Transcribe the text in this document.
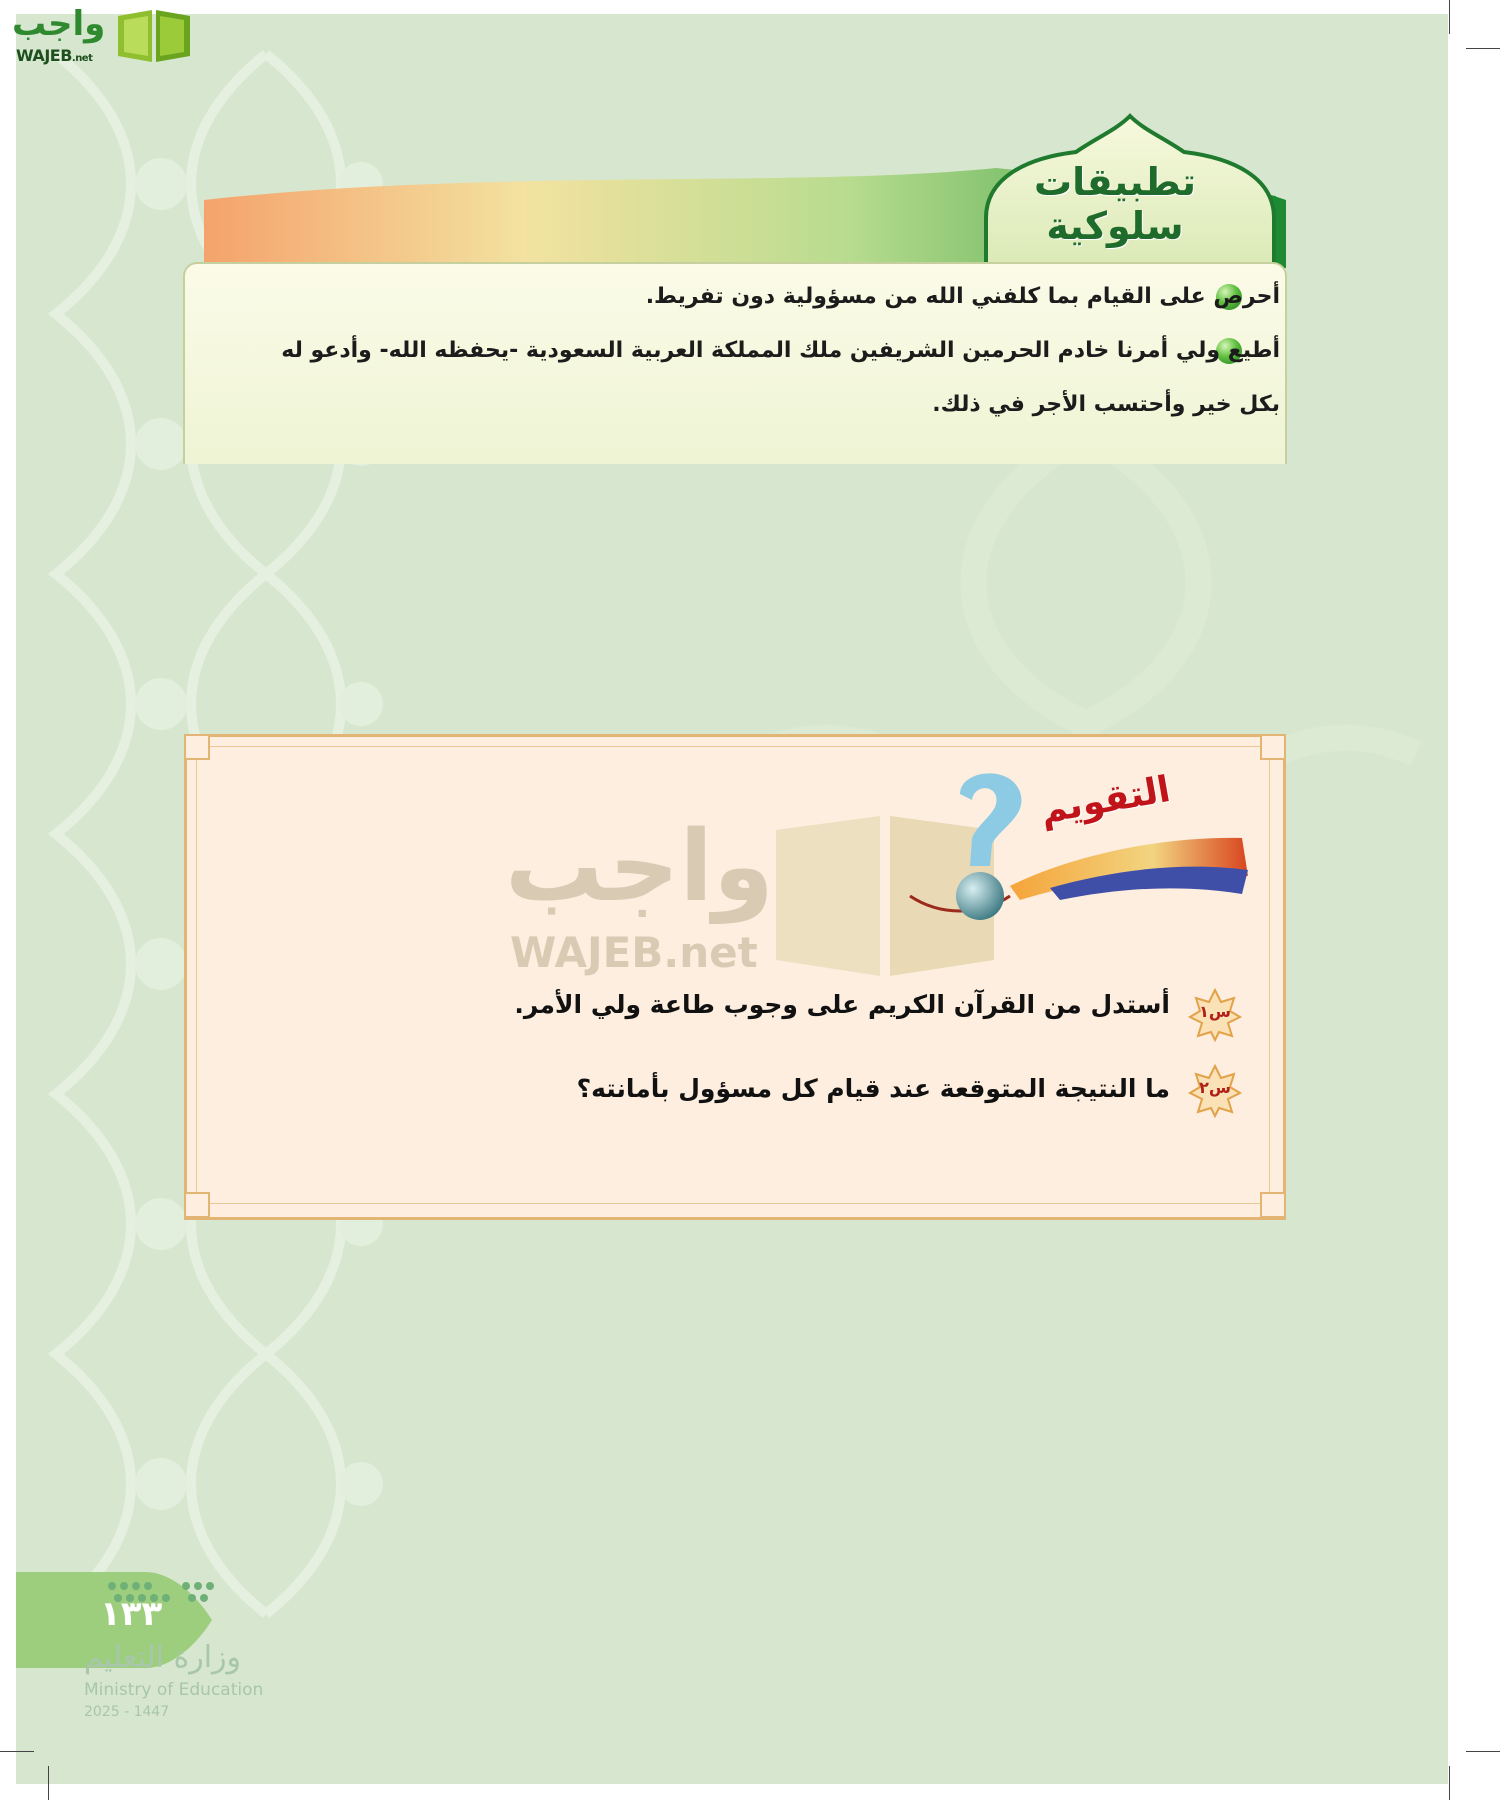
واجب
WAJEB.net
تطبيقات سلوكية
أحرص على القيام بما كلفني الله من مسؤولية دون تفريط.
أطيع ولي أمرنا خادم الحرمين الشريفين ملك المملكة العربية السعودية -يحفظه الله- وأدعو له بكل خير وأحتسب الأجر في ذلك.
واجب
WAJEB.net
التقويم
س١
أستدل من القرآن الكريم على وجوب طاعة ولي الأمر.
س٢
ما النتيجة المتوقعة عند قيام كل مسؤول بأمانته؟
١٣٣
وزارة التعليم
Ministry of Education
2025 - 1447
